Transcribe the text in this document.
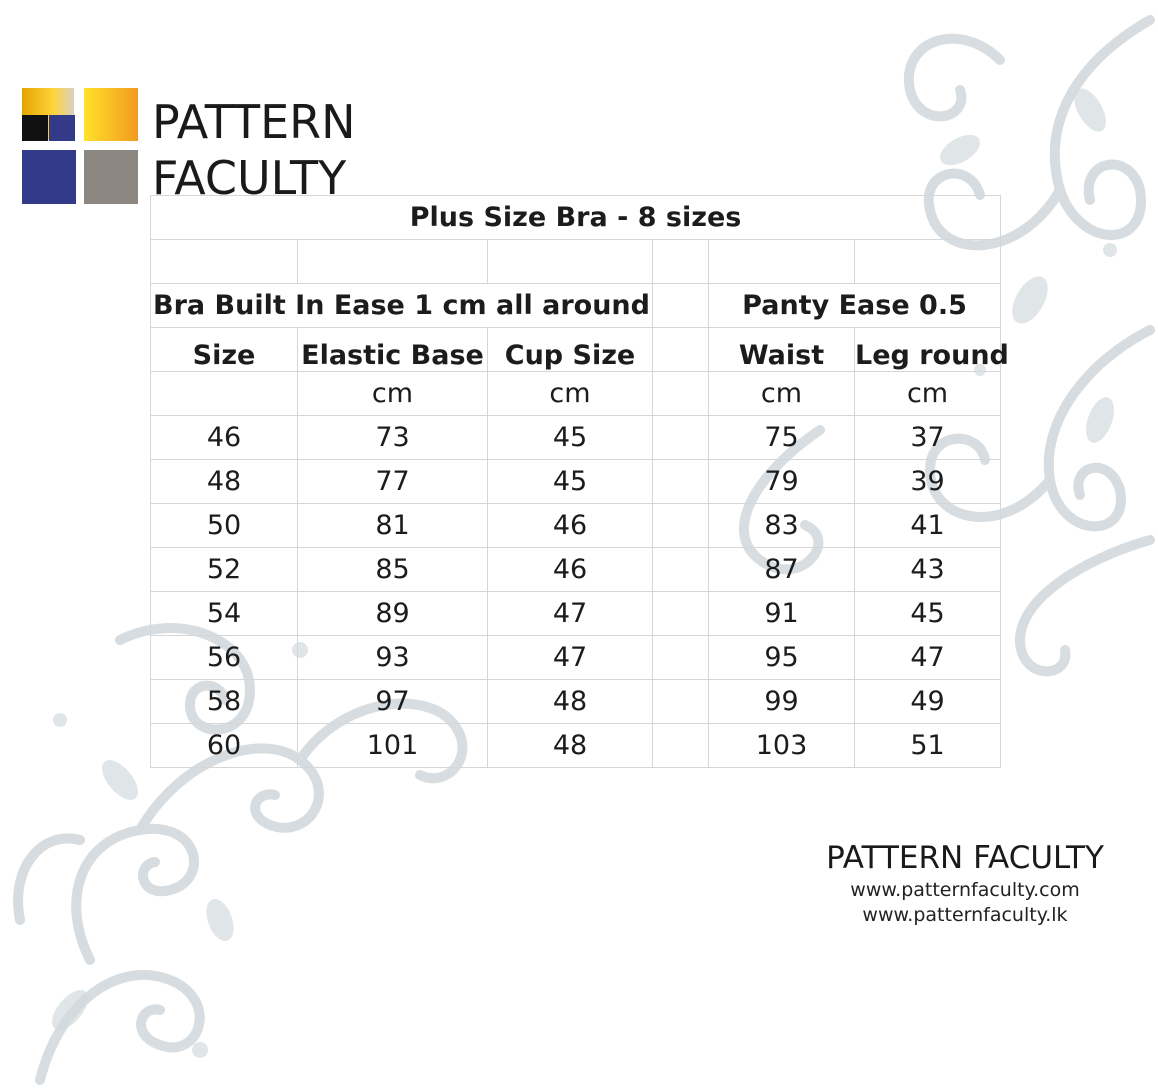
PATTERN
FACULTY
Plus Size Bra - 8 sizes					

Bra Built In Ease 1 cm all around				Panty Ease 0.5	
Size	Elastic Base	Cup Size		Waist	Leg round
	cm	cm		cm	cm
46	73	45		75	37
48	77	45		79	39
50	81	46		83	41
52	85	46		87	43
54	89	47		91	45
56	93	47		95	47
58	97	48		99	49
60	101	48		103	51
PATTERN FACULTY
www.patternfaculty.com
www.patternfaculty.lk
